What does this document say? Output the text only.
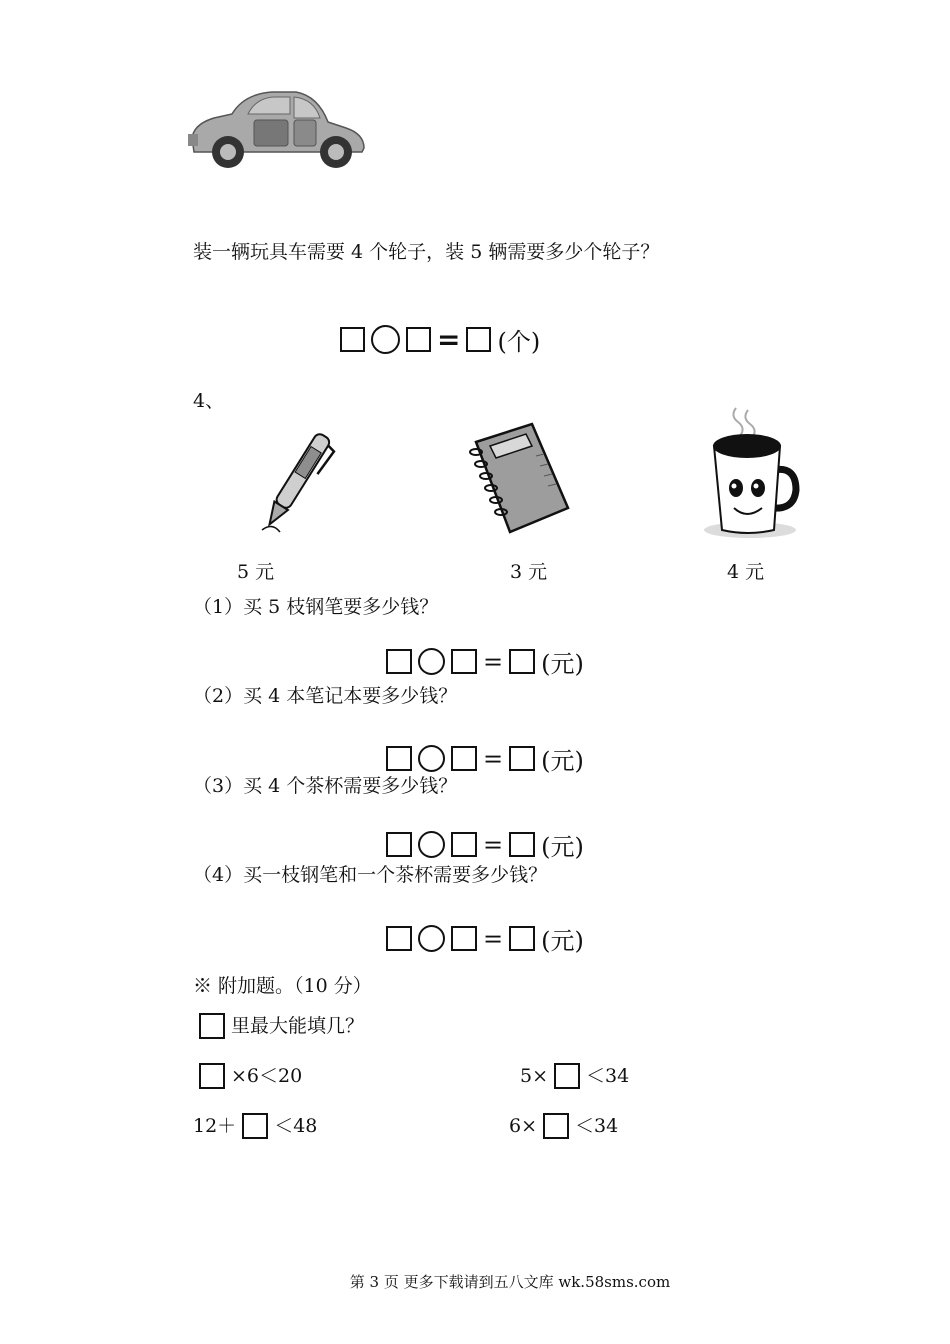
装一辆玩具车需要 4 个轮子，装 5 辆需要多少个轮子？
= (个)
4、
5 元	3 元	4 元
（1）买 5 枝钢笔要多少钱？
= (元)
（2）买 4 本笔记本要多少钱？
= (元)
（3）买 4 个茶杯需要多少钱？
= (元)
（4）买一枝钢笔和一个茶杯需要多少钱？
= (元)
※ 附加题。（10 分）
里最大能填几？
×6＜20	5× ＜34
12＋ ＜48	6× ＜34
第 3 页 更多下载请到五八文库 wk.58sms.com
